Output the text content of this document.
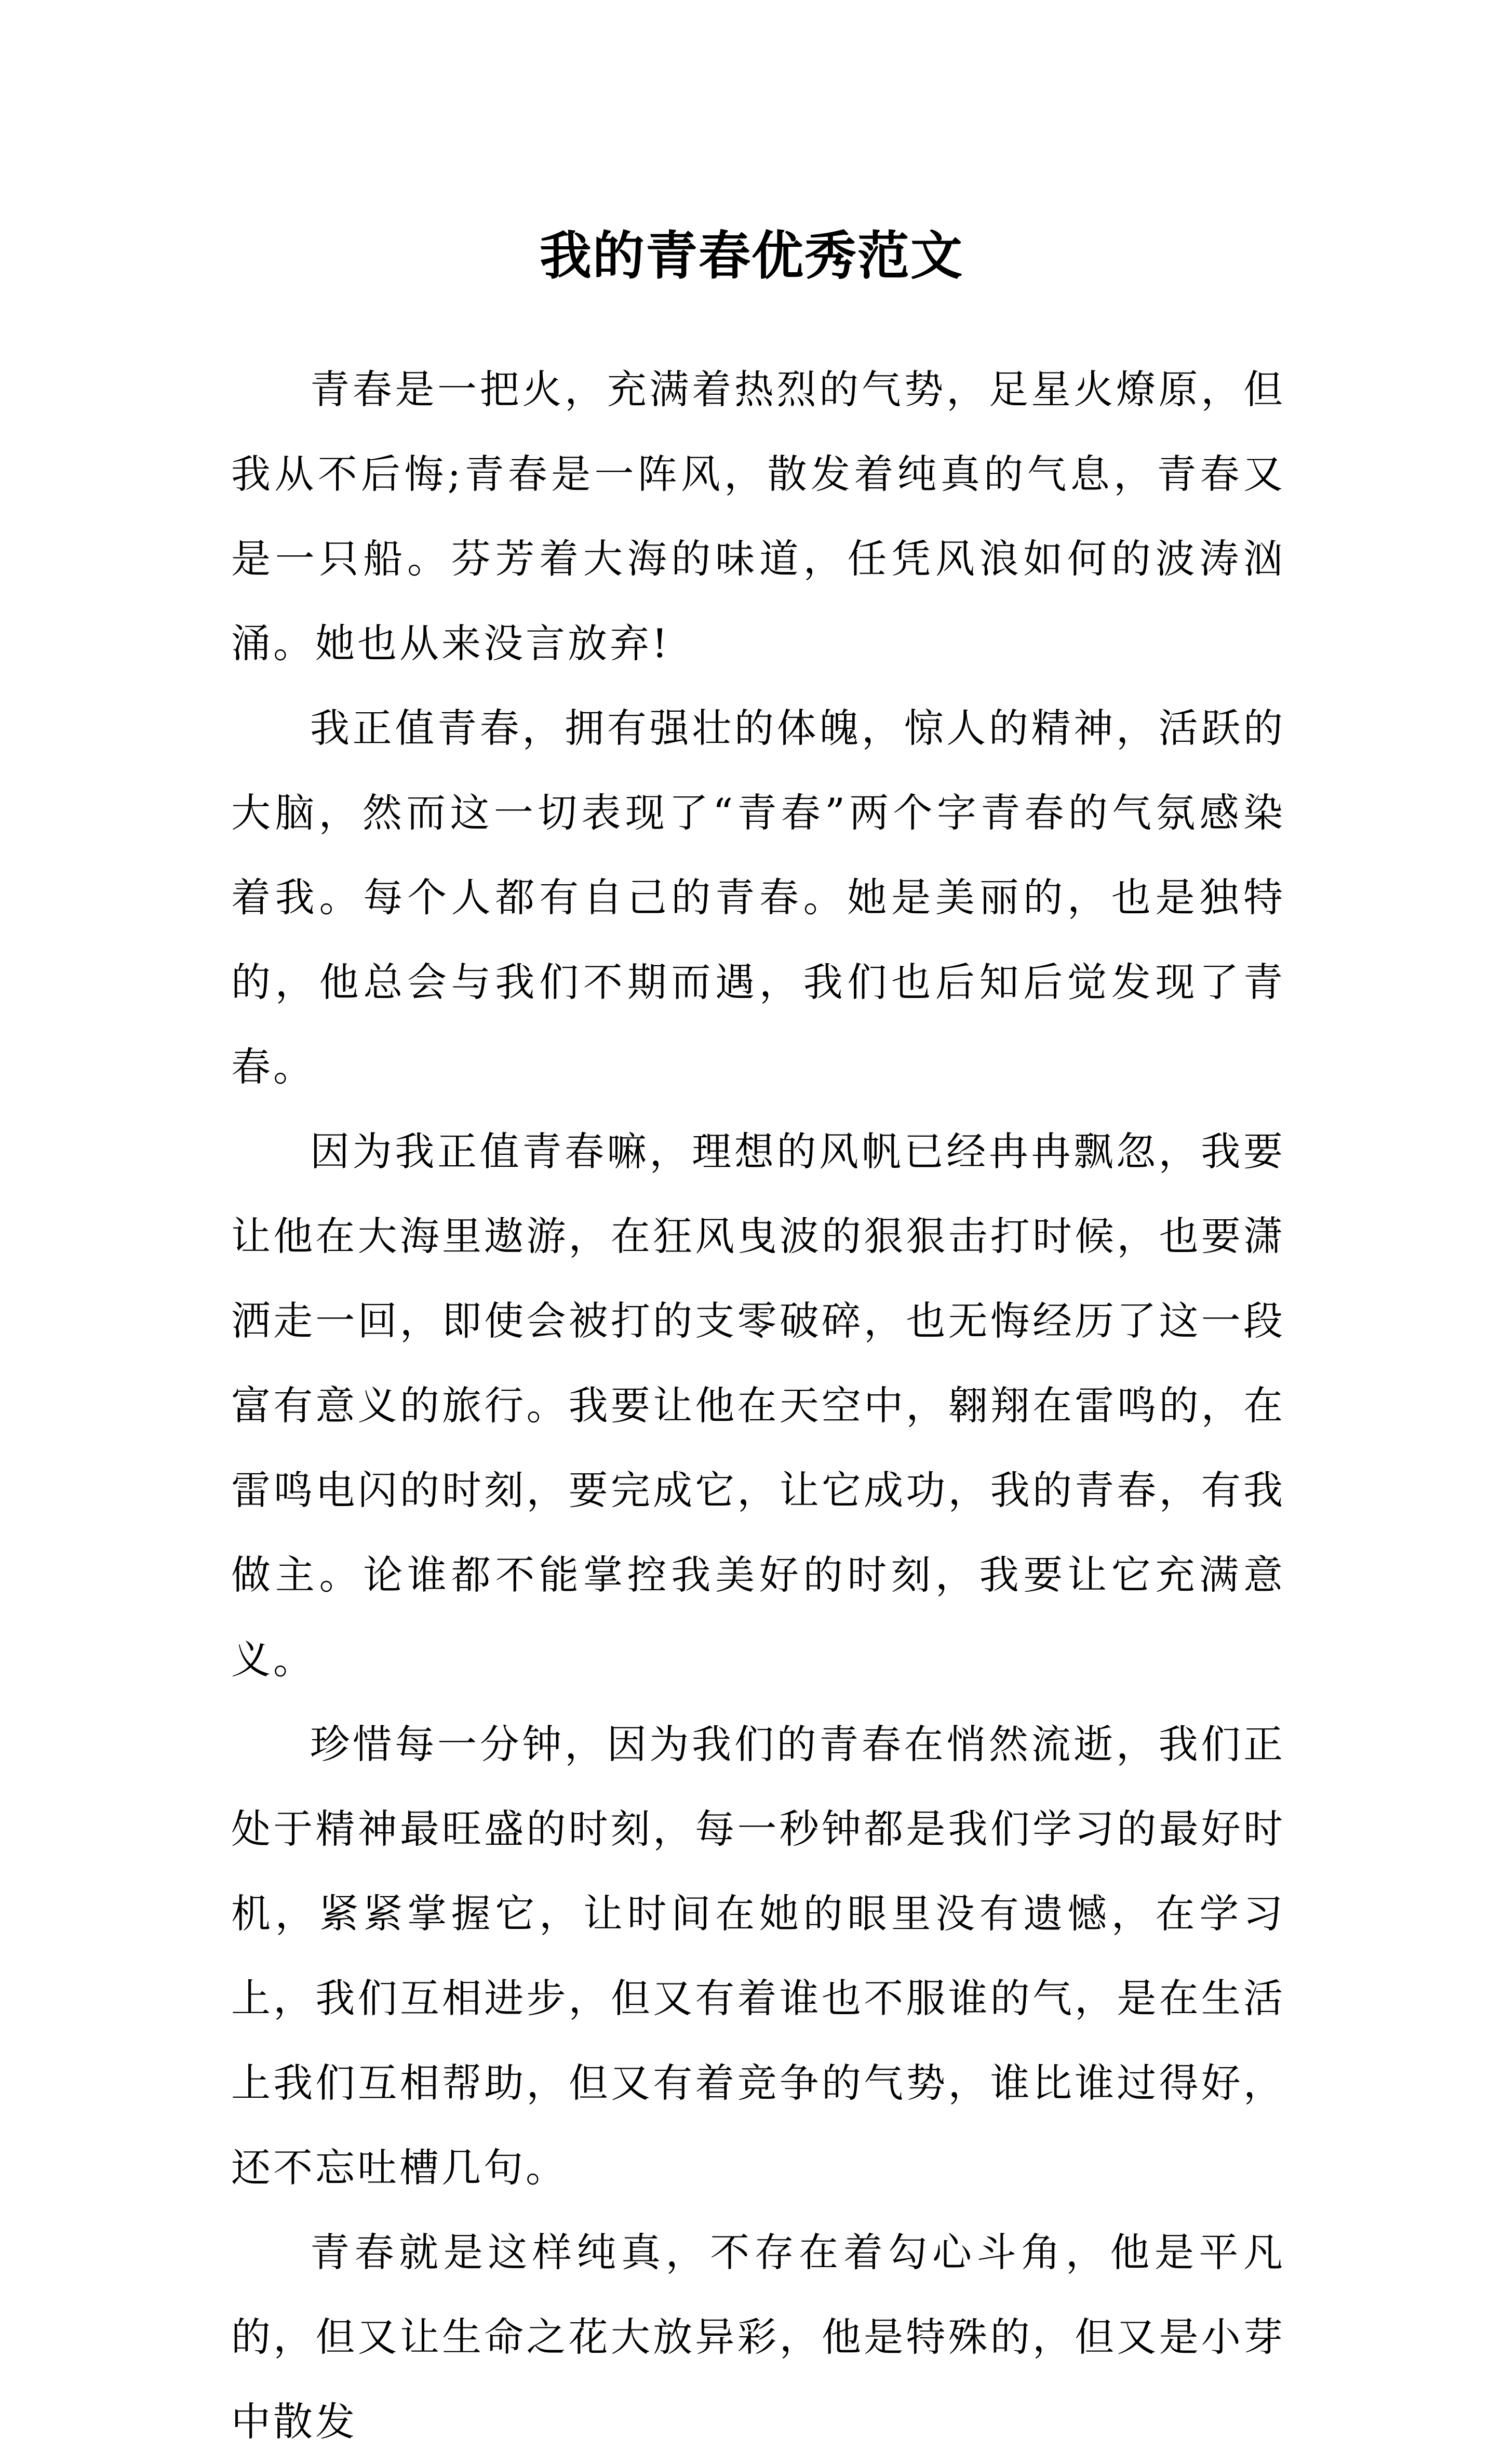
我的青春优秀范文

青春是一把火，充满着热烈的气势，足星火燎原，但我从不后悔;青春是一阵风，散发着纯真的气息，青春又是一只船。芬芳着大海的味道，任凭风浪如何的波涛汹涌。她也从来没言放弃!

我正值青春，拥有强壮的体魄，惊人的精神，活跃的大脑，然而这一切表现了“青春”两个字青春的气氛感染着我。每个人都有自己的青春。她是美丽的，也是独特的，他总会与我们不期而遇，我们也后知后觉发现了青春。

因为我正值青春嘛，理想的风帆已经冉冉飘忽，我要让他在大海里遨游，在狂风曳波的狠狠击打时候，也要潇洒走一回，即使会被打的支零破碎，也无悔经历了这一段富有意义的旅行。我要让他在天空中，翱翔在雷鸣的，在雷鸣电闪的时刻，要完成它，让它成功，我的青春，有我做主。论谁都不能掌控我美好的时刻，我要让它充满意义。

珍惜每一分钟，因为我们的青春在悄然流逝，我们正处于精神最旺盛的时刻，每一秒钟都是我们学习的最好时机，紧紧掌握它，让时间在她的眼里没有遗憾，在学习上，我们互相进步，但又有着谁也不服谁的气，是在生活上我们互相帮助，但又有着竞争的气势，谁比谁过得好，还不忘吐槽几句。

青春就是这样纯真，不存在着勾心斗角，他是平凡的，但又让生命之花大放异彩，他是特殊的，但又是小芽中散发
